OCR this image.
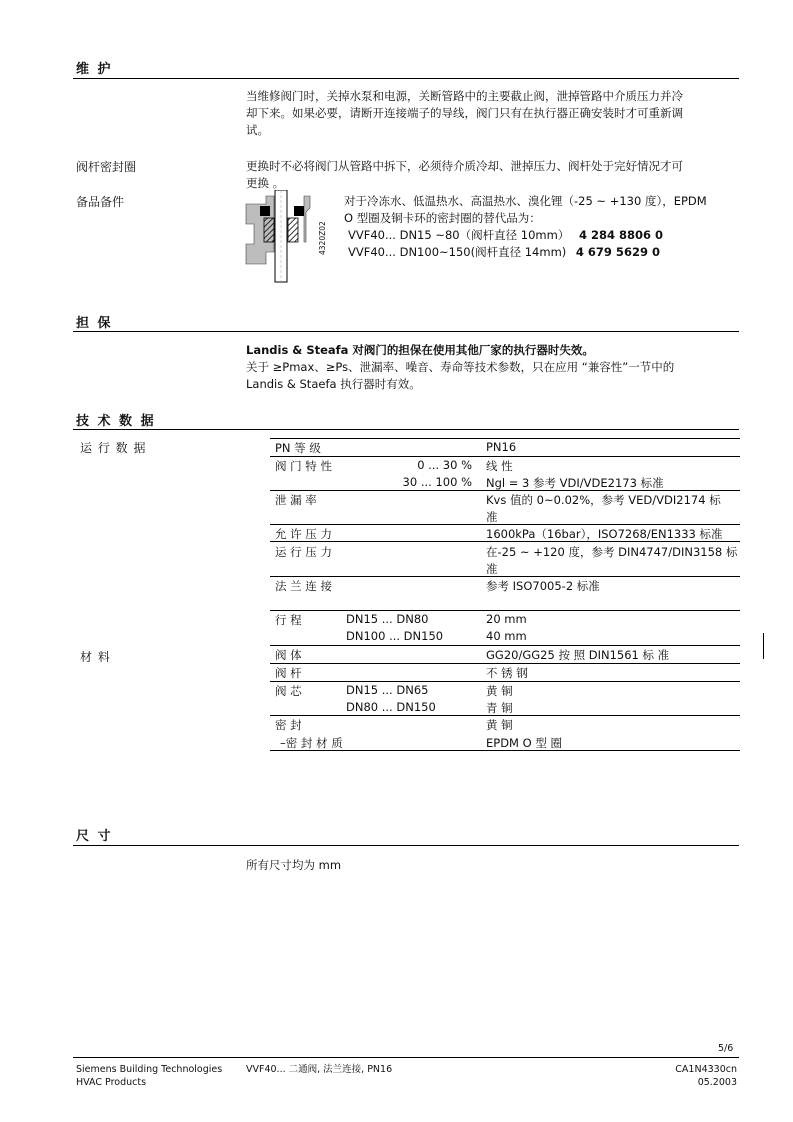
维 护
当维修阀门时，关掉水泵和电源，关断管路中的主要截止阀，泄掉管路中介质压力并冷
却下来。如果必要，请断开连接端子的导线，阀门只有在执行器正确安装时才可重新调
试。
阀杆密封圈	更换时不必将阀门从管路中拆下，必须待介质冷却、泄掉压力、阀杆处于完好情况才可
更换 。
备品备件
4320Z02
对于冷冻水、低温热水、高温热水、溴化锂（-25 ~ +130 度），EPDM
O 型圈及铜卡环的密封圈的替代品为：
VVF40... DN15 ~80（阀杆直径 10mm） 4 284 8806 0
VVF40... DN100~150(阀杆直径 14mm) 4 679 5629 0
担 保
Landis & Steafa 对阀门的担保在使用其他厂家的执行器时失效。
关于 ≥Pmax、≥Ps、泄漏率、噪音、寿命等技术参数，只在应用 “兼容性”一节中的
Landis & Staefa 执行器时有效。
技 术 数 据
运 行 数 据
材 料
PN 等 级	PN16
阀 门 特 性	0 ... 30 % 线 性
30 ... 100 % Ngl = 3 参考 VDI/VDE2173 标准
泄 漏 率	Kvs 值的 0~0.02%，参考 VED/VDI2174 标
准
允 许 压 力	1600kPa（16bar），ISO7268/EN1333 标准
运 行 压 力	在-25 ~ +120 度，参考 DIN4747/DIN3158 标
准
法 兰 连 接	参考 ISO7005-2 标准
行 程	DN15 ... DN80	20 mm
DN100 ... DN150	40 mm
阀 体	GG20/GG25 按 照 DIN1561 标 准
阀 杆	不 锈 钢
阀 芯	DN15 ... DN65	黄 铜
DN80 ... DN150	青 铜
密 封	黄 铜
–密 封 材 质	EPDM O 型 圈
尺 寸
所有尺寸均为 mm
5/6
Siemens Building Technologies
HVAC Products
VVF40... 二通阀, 法兰连接, PN16	CA1N4330cn
05.2003
